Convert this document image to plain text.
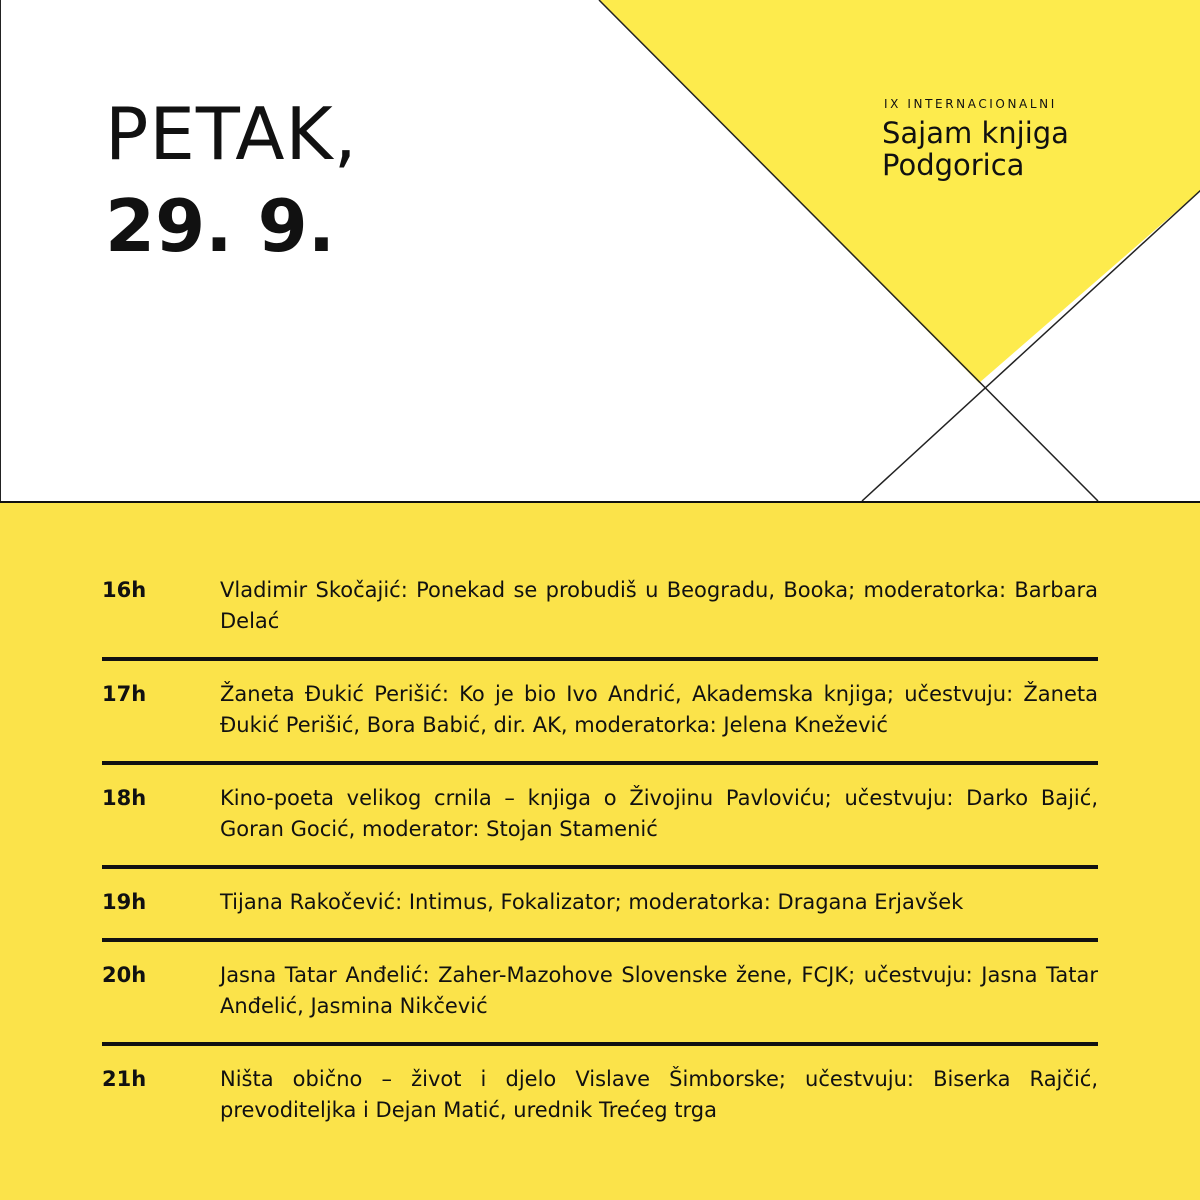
PETAK,
29. 9.

IX INTERNACIONALNI

Sajam knjiga

Podgorica

16h	Vladimir Skočajić: Ponekad se probudiš u Beogradu, Booka; moderatorka: Barbara Delać
17h	Žaneta Đukić Perišić: Ko je bio Ivo Andrić, Akademska knjiga; učestvuju: Žaneta Đukić Perišić, Bora Babić, dir. AK, moderatorka: Jelena Knežević
18h	Kino-poeta velikog crnila – knjiga o Živojinu Pavloviću; učestvuju: Darko Bajić, Goran Gocić, moderator: Stojan Stamenić
19h	Tijana Rakočević: Intimus, Fokalizator; moderatorka: Dragana Erjavšek
20h	Jasna Tatar Anđelić: Zaher-Mazohove Slovenske žene, FCJK; učestvuju: Jasna Tatar Anđelić, Jasmina Nikčević
21h	Ništa obično – život i djelo Vislave Šimborske; učestvuju: Biserka Rajčić, prevoditeljka i Dejan Matić, urednik Trećeg trga
